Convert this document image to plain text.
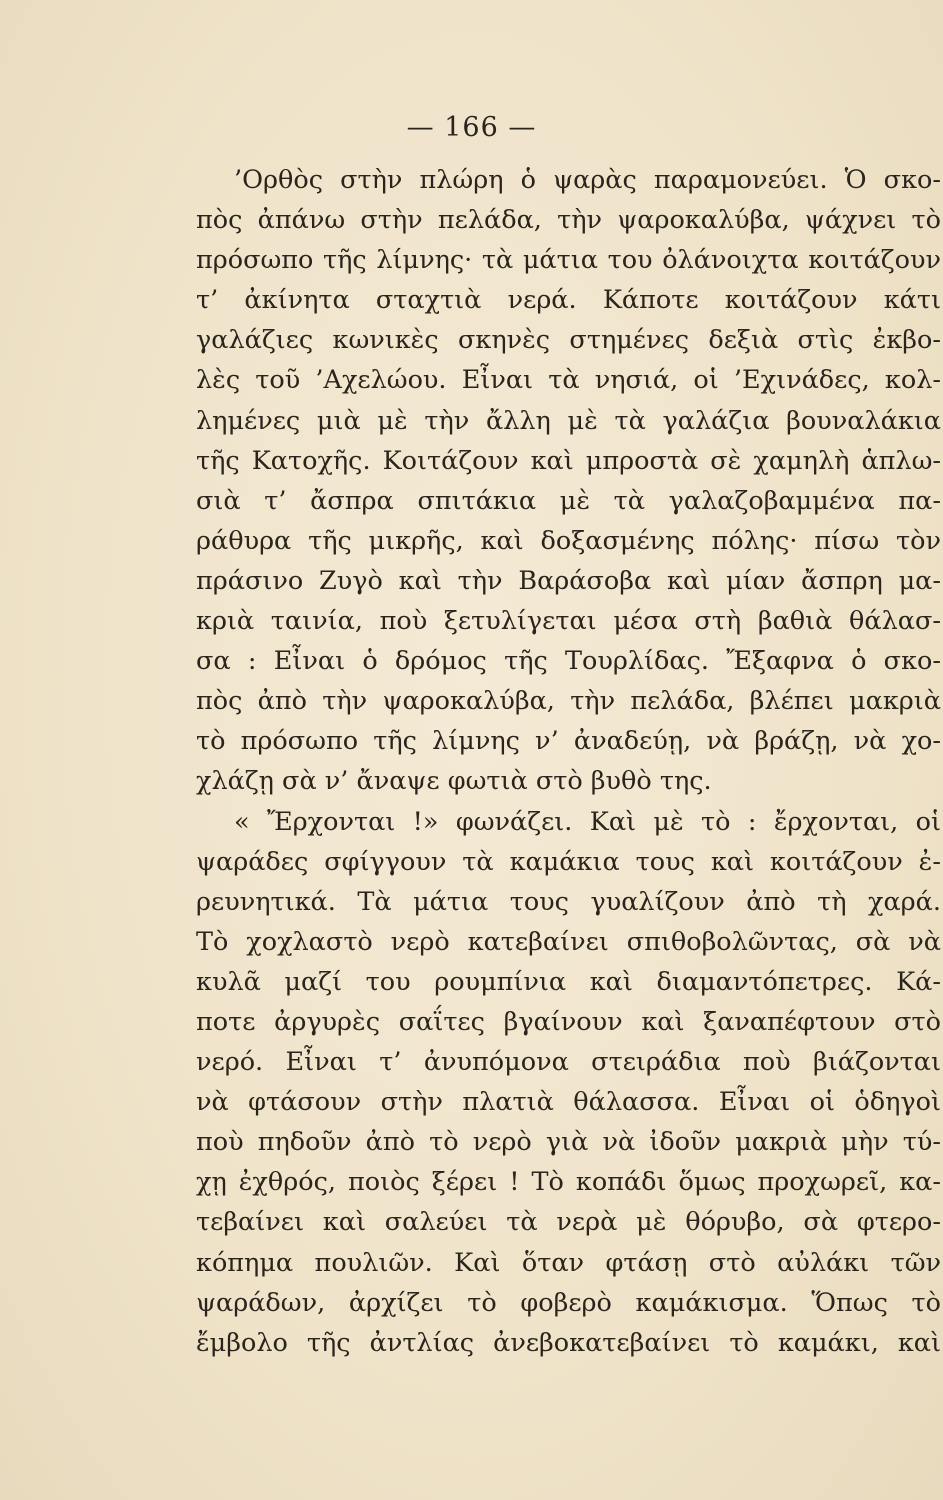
— 166 —
’Ορθὸς στὴν πλώρη ὁ ψαρὰς παραμονεύει. Ὁ σκο-
πὸς ἀπάνω στὴν πελάδα, τὴν ψαροκαλύβα, ψάχνει τὸ
πρόσωπο τῆς λίμνης· τὰ μάτια του ὀλάνοιχτα κοιτάζουν
τ’ ἀκίνητα σταχτιὰ νερά. Κάποτε κοιτάζουν κάτι
γαλάζιες κωνικὲς σκηνὲς στημένες δεξιὰ στὶς ἐκβο-
λὲς τοῦ ’Αχελώου. Εἶναι τὰ νησιά, οἱ ’Εχινάδες, κολ-
λημένες μιὰ μὲ τὴν ἄλλη μὲ τὰ γαλάζια βουναλάκια
τῆς Κατοχῆς. Κοιτάζουν καὶ μπροστὰ σὲ χαμηλὴ ἁπλω-
σιὰ τ’ ἄσπρα σπιτάκια μὲ τὰ γαλαζοβαμμένα πα-
ράθυρα τῆς μικρῆς, καὶ δοξασμένης πόλης· πίσω τὸν
πράσινο Ζυγὸ καὶ τὴν Βαράσοβα καὶ μίαν ἄσπρη μα-
κριὰ ταινία, ποὺ ξετυλίγεται μέσα στὴ βαθιὰ θάλασ-
σα : Εἶναι ὁ δρόμος τῆς Τουρλίδας. Ἔξαφνα ὁ σκο-
πὸς ἀπὸ τὴν ψαροκαλύβα, τὴν πελάδα, βλέπει μακριὰ
τὸ πρόσωπο τῆς λίμνης ν’ ἀναδεύῃ, νὰ βράζῃ, νὰ χο-
χλάζῃ σὰ ν’ ἄναψε φωτιὰ στὸ βυθὸ της.
« Ἔρχονται !» φωνάζει. Καὶ μὲ τὸ : ἔρχονται, οἱ
ψαράδες σφίγγουν τὰ καμάκια τους καὶ κοιτάζουν ἐ-
ρευνητικά. Τὰ μάτια τους γυαλίζουν ἀπὸ τὴ χαρά.
Τὸ χοχλαστὸ νερὸ κατεβαίνει σπιθοβολῶντας, σὰ νὰ
κυλᾶ μαζί του ρουμπίνια καὶ διαμαντόπετρες. Κά-
ποτε ἀργυρὲς σαΐτες βγαίνουν καὶ ξαναπέφτουν στὸ
νερό. Εἶναι τ’ ἀνυπόμονα στειράδια ποὺ βιάζονται
νὰ φτάσουν στὴν πλατιὰ θάλασσα. Εἶναι οἱ ὁδηγοὶ
ποὺ πηδοῦν ἀπὸ τὸ νερὸ γιὰ νὰ ἰδοῦν μακριὰ μὴν τύ-
χῃ ἐχθρός, ποιὸς ξέρει ! Τὸ κοπάδι ὅμως προχωρεῖ, κα-
τεβαίνει καὶ σαλεύει τὰ νερὰ μὲ θόρυβο, σὰ φτερο-
κόπημα πουλιῶν. Καὶ ὅταν φτάσῃ στὸ αὐλάκι τῶν
ψαράδων, ἀρχίζει τὸ φοβερὸ καμάκισμα. Ὅπως τὸ
ἔμβολο τῆς ἀντλίας ἀνεβοκατεβαίνει τὸ καμάκι, καὶ
